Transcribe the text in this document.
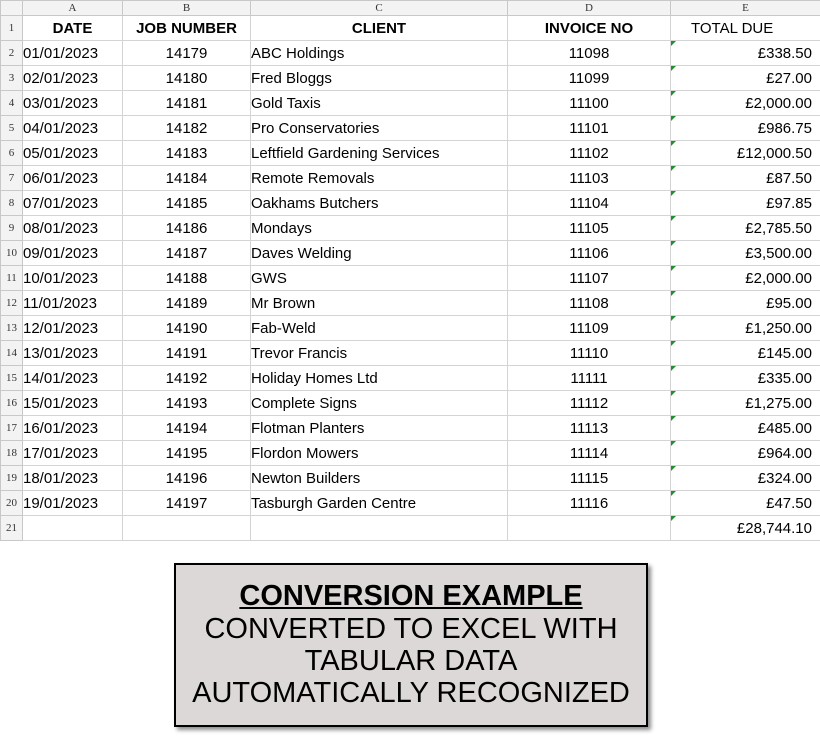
	A	B	C	D	E
1	DATE	JOB NUMBER	CLIENT	INVOICE NO	TOTAL DUE
2	01/01/2023	14179	ABC Holdings	11098	£338.50
3	02/01/2023	14180	Fred Bloggs	11099	£27.00
4	03/01/2023	14181	Gold Taxis	11100	£2,000.00
5	04/01/2023	14182	Pro Conservatories	11101	£986.75
6	05/01/2023	14183	Leftfield Gardening Services	11102	£12,000.50
7	06/01/2023	14184	Remote Removals	11103	£87.50
8	07/01/2023	14185	Oakhams Butchers	11104	£97.85
9	08/01/2023	14186	Mondays	11105	£2,785.50
10	09/01/2023	14187	Daves Welding	11106	£3,500.00
11	10/01/2023	14188	GWS	11107	£2,000.00
12	11/01/2023	14189	Mr Brown	11108	£95.00
13	12/01/2023	14190	Fab-Weld	11109	£1,250.00
14	13/01/2023	14191	Trevor Francis	11110	£145.00
15	14/01/2023	14192	Holiday Homes Ltd	11111	£335.00
16	15/01/2023	14193	Complete Signs	11112	£1,275.00
17	16/01/2023	14194	Flotman Planters	11113	£485.00
18	17/01/2023	14195	Flordon Mowers	11114	£964.00
19	18/01/2023	14196	Newton Builders	11115	£324.00
20	19/01/2023	14197	Tasburgh Garden Centre	11116	£47.50
21					£28,744.10
CONVERSION EXAMPLE
CONVERTED TO EXCEL WITH
TABULAR DATA
AUTOMATICALLY RECOGNIZED
